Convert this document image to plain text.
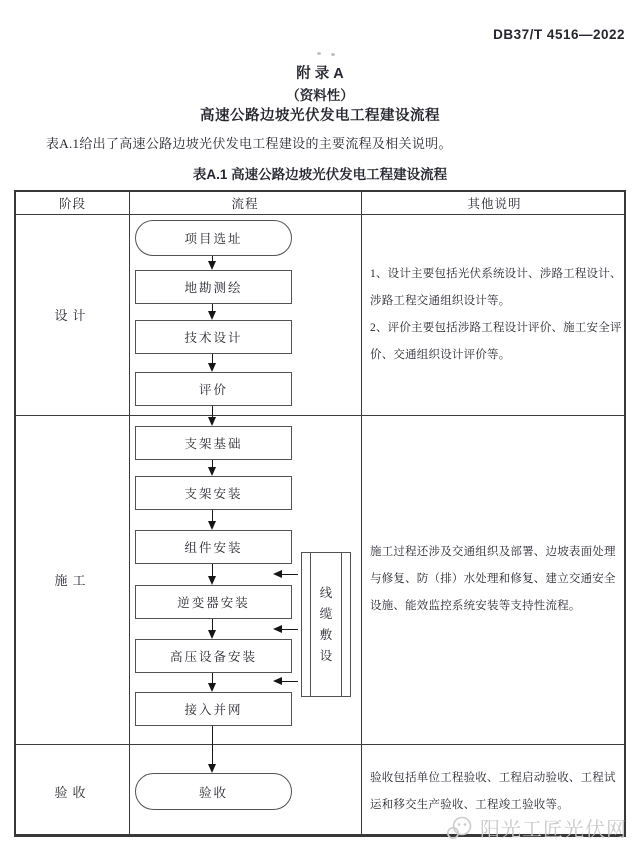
DB37/T 4516—2022
附 录 A
（资料性）
高速公路边坡光伏发电工程建设流程
表A.1给出了高速公路边坡光伏发电工程建设的主要流程及相关说明。
表A.1 高速公路边坡光伏发电工程建设流程
阶段	流程	其他说明
设计
施工
验收
1、设计主要包括光伏系统设计、涉路工程设计、涉路工程交通组织设计等。
2、评价主要包括涉路工程设计评价、施工安全评价、交通组织设计评价等。
施工过程还涉及交通组织及部署、边坡表面处理与修复、防（排）水处理和修复、建立交通安全设施、能效监控系统安装等支持性流程。
验收包括单位工程验收、工程启动验收、工程试运和移交生产验收、工程竣工验收等。
项目选址
地勘测绘
技术设计
评价
支架基础
支架安装
组件安装
逆变器安装
高压设备安装
接入并网
线缆敷设
验收
阳光工匠光伏网
